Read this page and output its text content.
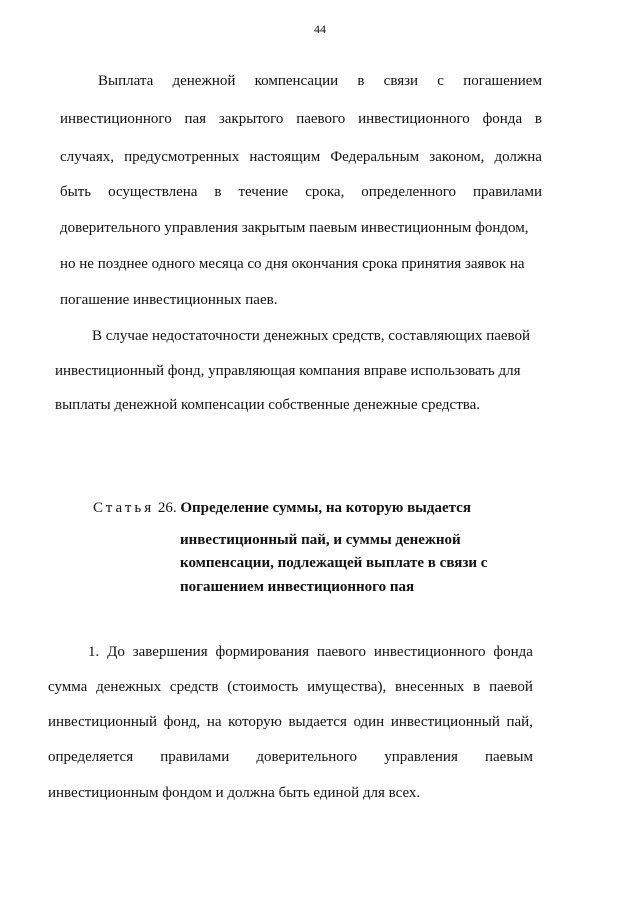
44
Выплата денежной компенсации в связи с погашением
инвестиционного пая закрытого паевого инвестиционного фонда в
случаях, предусмотренных настоящим Федеральным законом, должна
быть осуществлена в течение срока, определенного правилами
доверительного управления закрытым паевым инвестиционным фондом,
но не позднее одного месяца со дня окончания срока принятия заявок на
погашение инвестиционных паев.
В случае недостаточности денежных средств, составляющих паевой
инвестиционный фонд, управляющая компания вправе использовать для
выплаты денежной компенсации собственные денежные средства.
Статья 26. Определение суммы, на которую выдается
инвестиционный пай, и суммы денежной
компенсации, подлежащей выплате в связи с
погашением инвестиционного пая
1. До завершения формирования паевого инвестиционного фонда
сумма денежных средств (стоимость имущества), внесенных в паевой
инвестиционный фонд, на которую выдается один инвестиционный пай,
определяется правилами доверительного управления паевым
инвестиционным фондом и должна быть единой для всех.
